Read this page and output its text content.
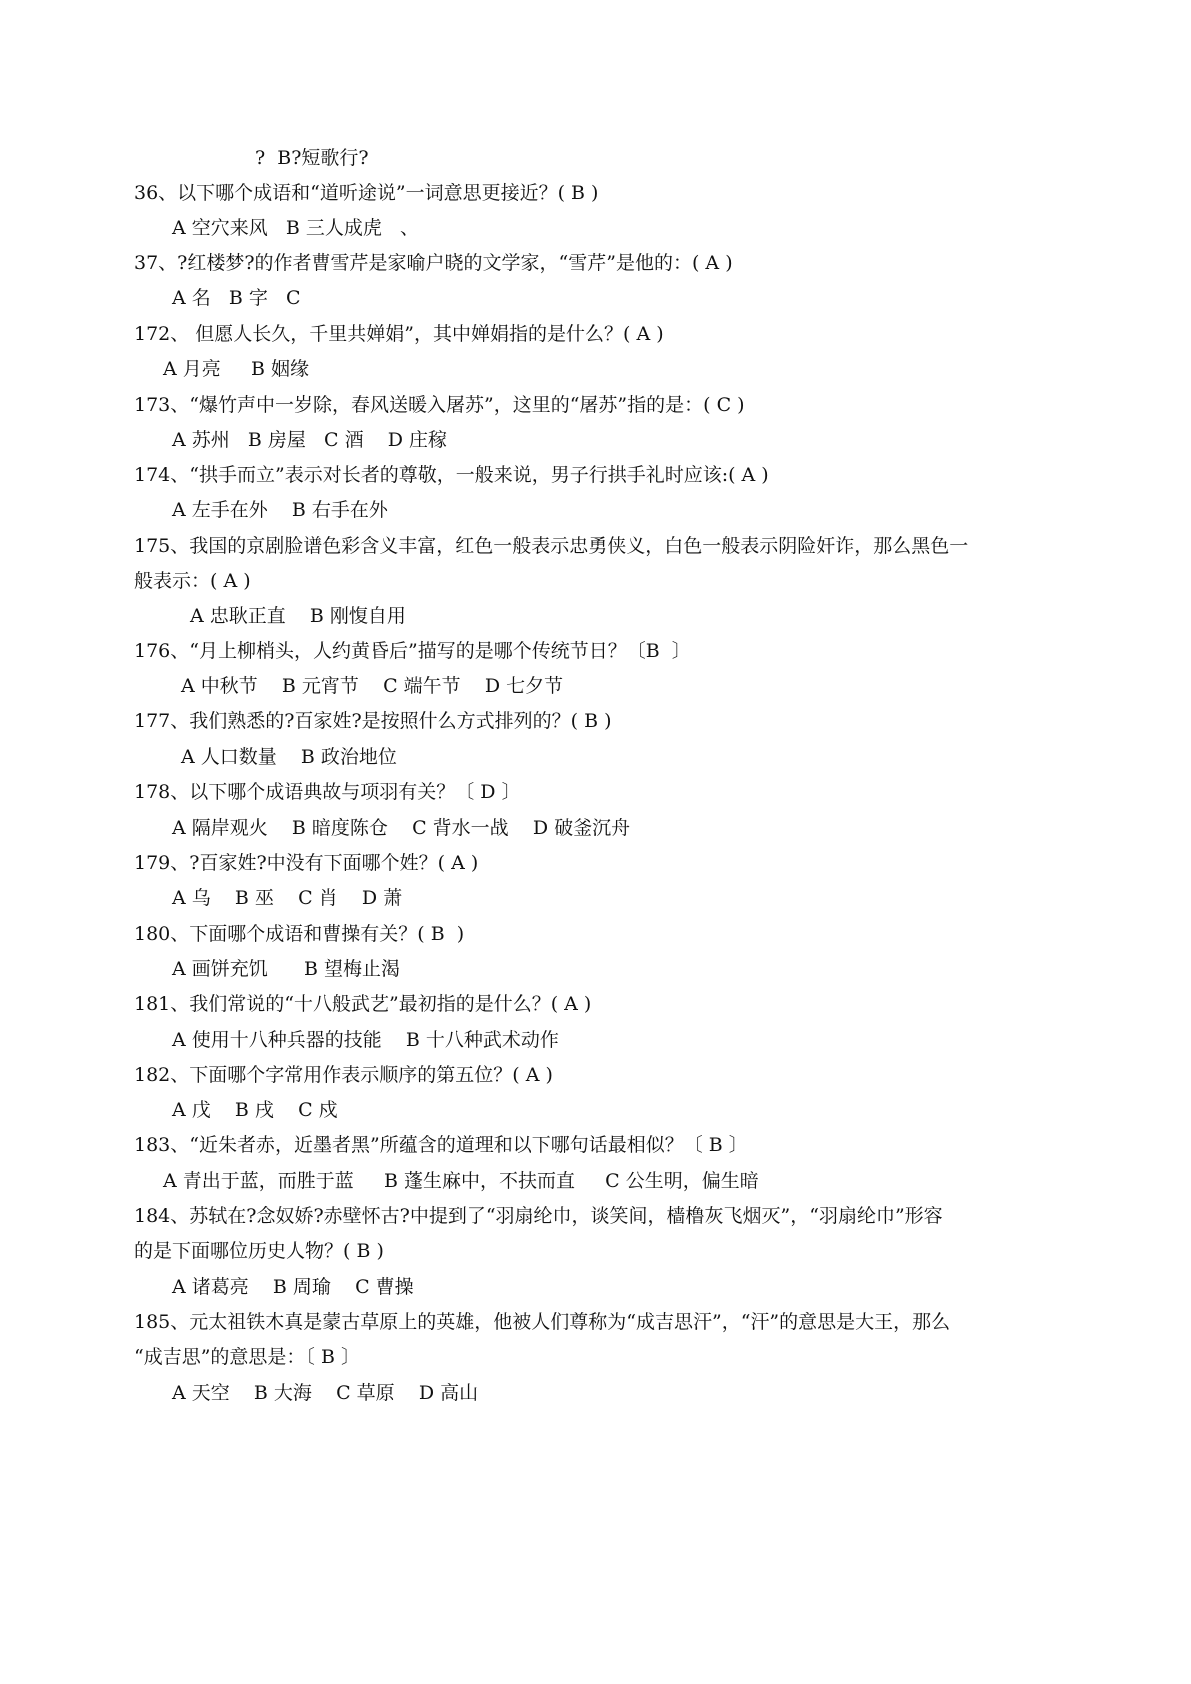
?  B?短歌行?
36、以下哪个成语和“道听途说”一词意思更接近？( B )
A 空穴来风   B 三人成虎   、
37、?红楼梦?的作者曹雪芹是家喻户晓的文学家，“雪芹”是他的：( A )
A 名   B 字   C
172、 但愿人长久，千里共婵娟”，其中婵娟指的是什么？( A )
A 月亮     B 姻缘
173、“爆竹声中一岁除，春风送暖入屠苏”，这里的“屠苏”指的是：( C )
A 苏州   B 房屋   C 酒    D 庄稼
174、“拱手而立”表示对长者的尊敬，一般来说，男子行拱手礼时应该:( A )
A 左手在外    B 右手在外
175、我国的京剧脸谱色彩含义丰富，红色一般表示忠勇侠义，白色一般表示阴险奸诈，那么黑色一
般表示：( A )
A 忠耿正直    B 刚愎自用
176、“月上柳梢头，人约黄昏后”描写的是哪个传统节日？〔B  〕
A 中秋节    B 元宵节    C 端午节    D 七夕节
177、我们熟悉的?百家姓?是按照什么方式排列的？( B )
A 人口数量    B 政治地位
178、以下哪个成语典故与项羽有关？〔 D 〕
A 隔岸观火    B 暗度陈仓    C 背水一战    D 破釜沉舟
179、?百家姓?中没有下面哪个姓？( A )
A 乌    B 巫    C 肖    D 萧
180、下面哪个成语和曹操有关？( B  )
A 画饼充饥      B 望梅止渴
181、我们常说的“十八般武艺”最初指的是什么？( A )
A 使用十八种兵器的技能    B 十八种武术动作
182、下面哪个字常用作表示顺序的第五位？( A )
A 戊    B 戌    C 戍
183、“近朱者赤，近墨者黑”所蕴含的道理和以下哪句话最相似？〔 B 〕
A 青出于蓝，而胜于蓝     B 蓬生麻中，不扶而直     C 公生明，偏生暗
184、苏轼在?念奴娇?赤壁怀古?中提到了“羽扇纶巾，谈笑间，樯橹灰飞烟灭”，“羽扇纶巾”形容
的是下面哪位历史人物？( B )
A 诸葛亮    B 周瑜    C 曹操
185、元太祖铁木真是蒙古草原上的英雄，他被人们尊称为“成吉思汗”，“汗”的意思是大王，那么
“成吉思”的意思是：〔 B 〕
A 天空    B 大海    C 草原    D 高山
